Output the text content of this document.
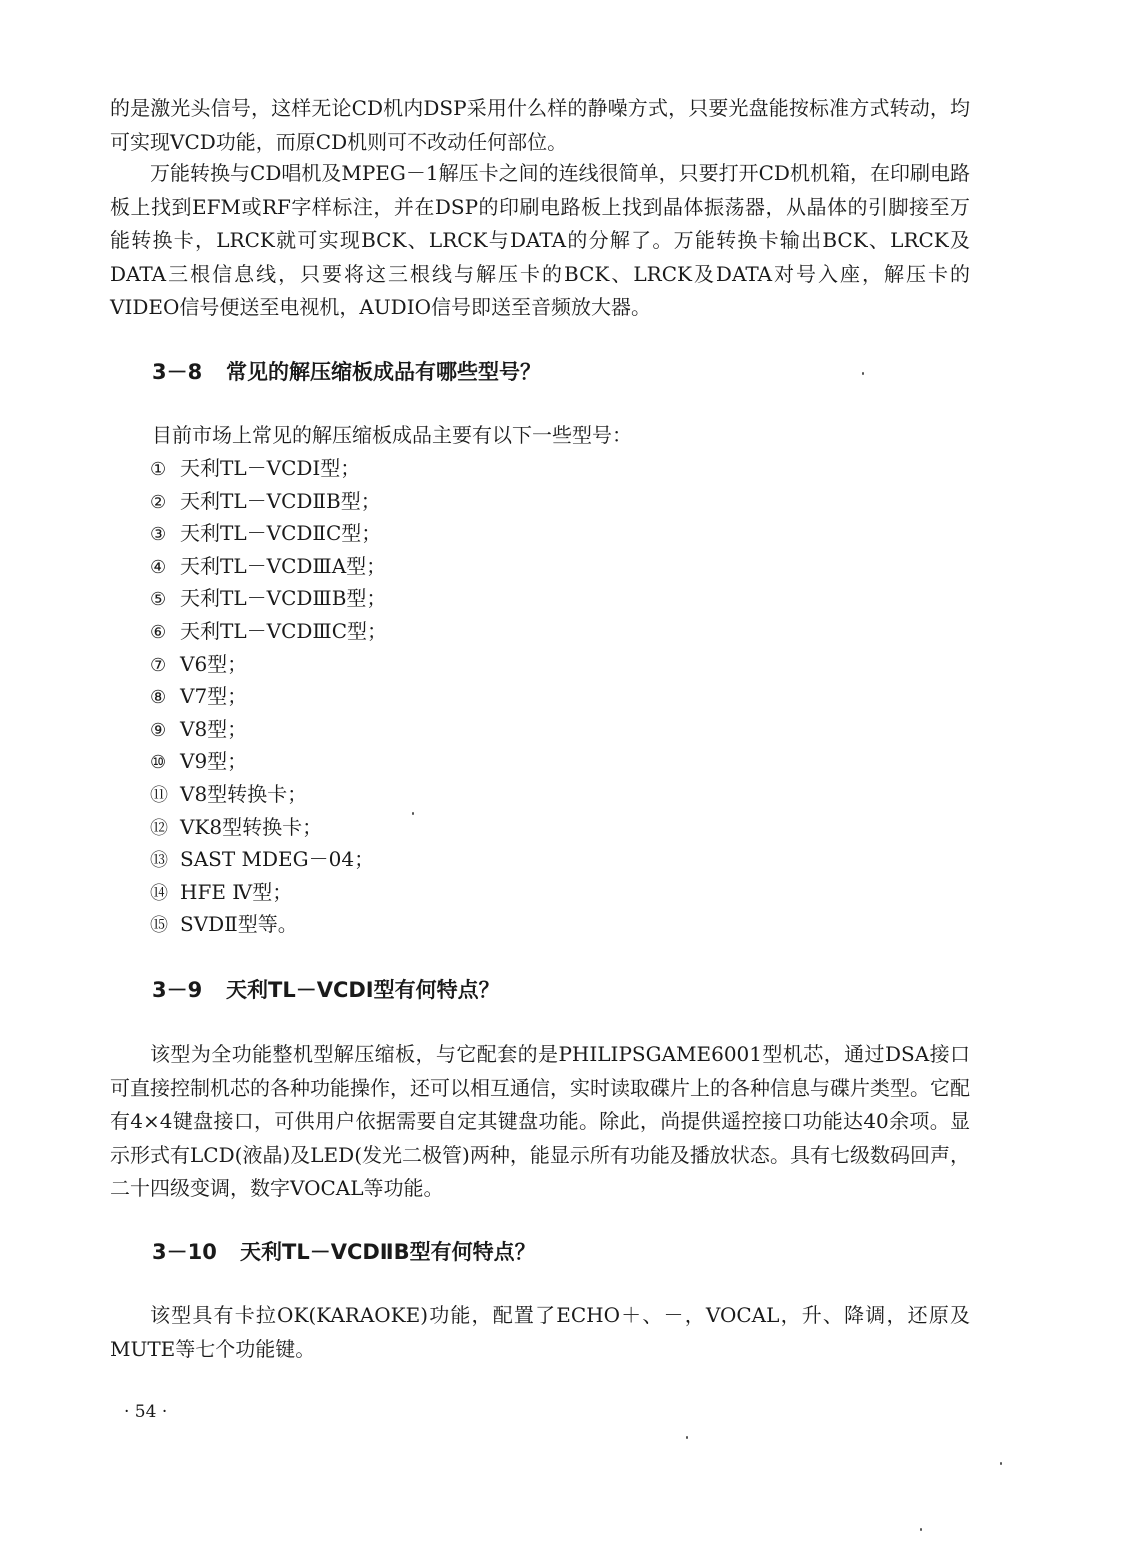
的是激光头信号，这样无论CD机内DSP采用什么样的静噪方式，只要光盘能按标准方式转动，均可实现VCD功能，而原CD机则可不改动任何部位。

万能转换与CD唱机及MPEG－1解压卡之间的连线很简单，只要打开CD机机箱，在印刷电路板上找到EFM或RF字样标注，并在DSP的印刷电路板上找到晶体振荡器，从晶体的引脚接至万能转换卡，LRCK就可实现BCK、LRCK与DATA的分解了。万能转换卡输出BCK、LRCK及DATA三根信息线，只要将这三根线与解压卡的BCK、LRCK及DATA对号入座，解压卡的VIDEO信号便送至电视机，AUDIO信号即送至音频放大器。

3－8 常见的解压缩板成品有哪些型号？

目前市场上常见的解压缩板成品主要有以下一些型号：

① 天利TL－VCDⅠ型；
② 天利TL－VCDⅡB型；
③ 天利TL－VCDⅡC型；
④ 天利TL－VCDⅢA型；
⑤ 天利TL－VCDⅢB型；
⑥ 天利TL－VCDⅢC型；
⑦ V6型；
⑧ V7型；
⑨ V8型；
⑩ V9型；
⑪ V8型转换卡；
⑫ VK8型转换卡；
⑬ SAST MDEG－04；
⑭ HFE Ⅳ型；
⑮ SVDⅡ型等。
3－9 天利TL－VCDⅠ型有何特点？

该型为全功能整机型解压缩板，与它配套的是PHILIPSGAME6001型机芯，通过DSA接口可直接控制机芯的各种功能操作，还可以相互通信，实时读取碟片上的各种信息与碟片类型。它配有4×4键盘接口，可供用户依据需要自定其键盘功能。除此，尚提供遥控接口功能达40余项。显示形式有LCD(液晶)及LED(发光二极管)两种，能显示所有功能及播放状态。具有七级数码回声，二十四级变调，数字VOCAL等功能。

3－10 天利TL－VCDⅡB型有何特点？

该型具有卡拉OK(KARAOKE)功能，配置了ECHO＋、－，VOCAL，升、降调，还原及MUTE等七个功能键。

· 54 ·
